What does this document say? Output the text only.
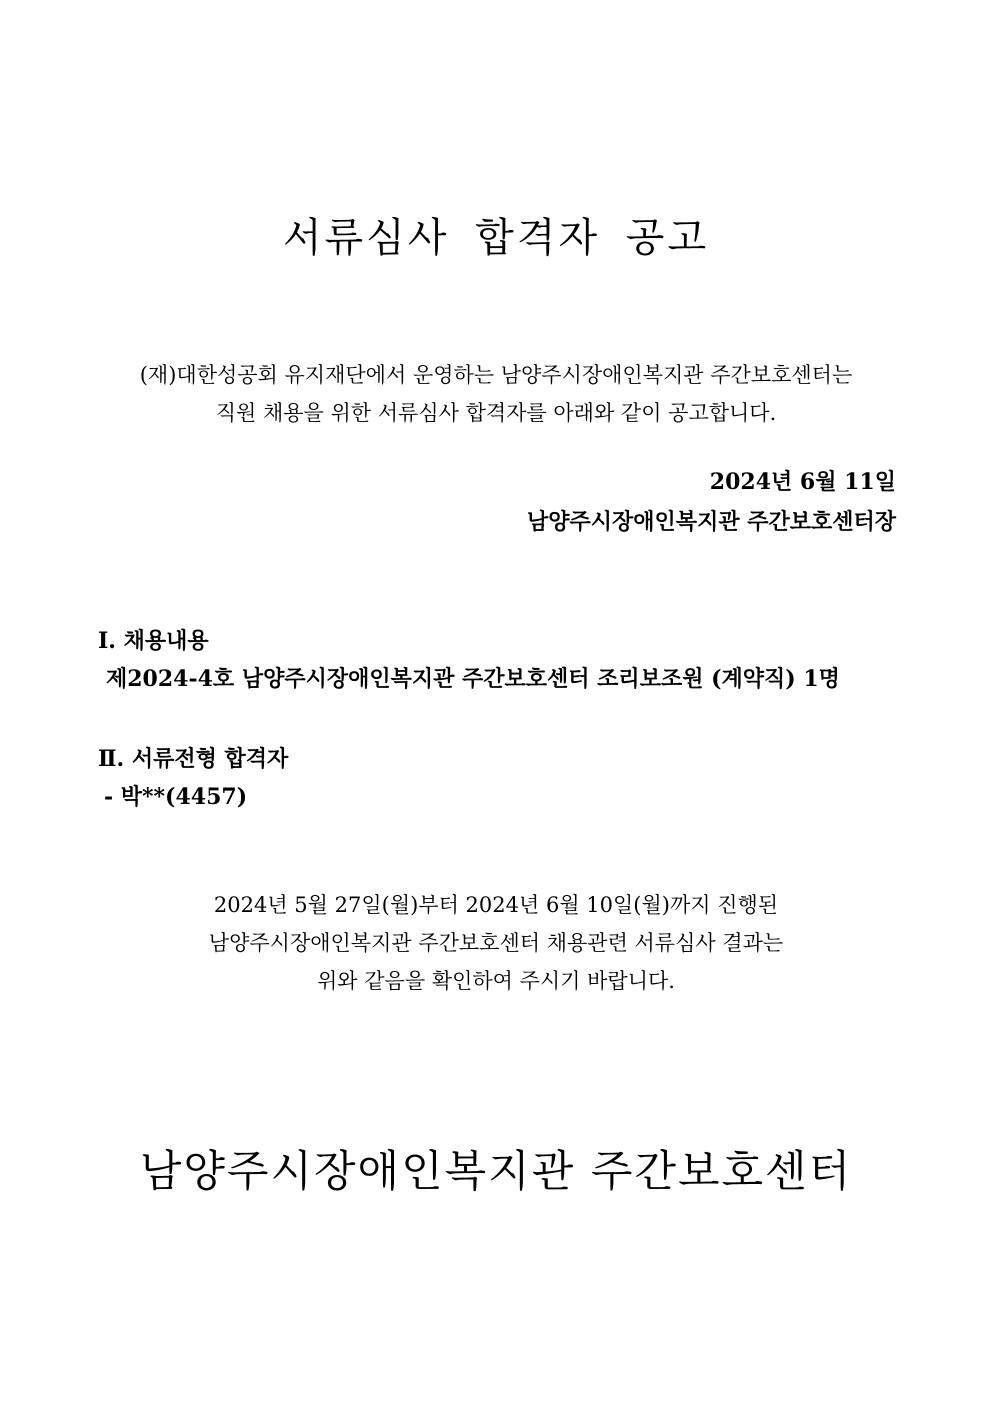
서류심사 합격자 공고
(재)대한성공회 유지재단에서 운영하는 남양주시장애인복지관 주간보호센터는
직원 채용을 위한 서류심사 합격자를 아래와 같이 공고합니다.
2024년 6월 11일
남양주시장애인복지관 주간보호센터장
Ⅰ. 채용내용
제2024-4호 남양주시장애인복지관 주간보호센터 조리보조원 (계약직) 1명
Ⅱ. 서류전형 합격자
- 박**(4457)
2024년 5월 27일(월)부터 2024년 6월 10일(월)까지 진행된
남양주시장애인복지관 주간보호센터 채용관련 서류심사 결과는
위와 같음을 확인하여 주시기 바랍니다.
남양주시장애인복지관 주간보호센터
